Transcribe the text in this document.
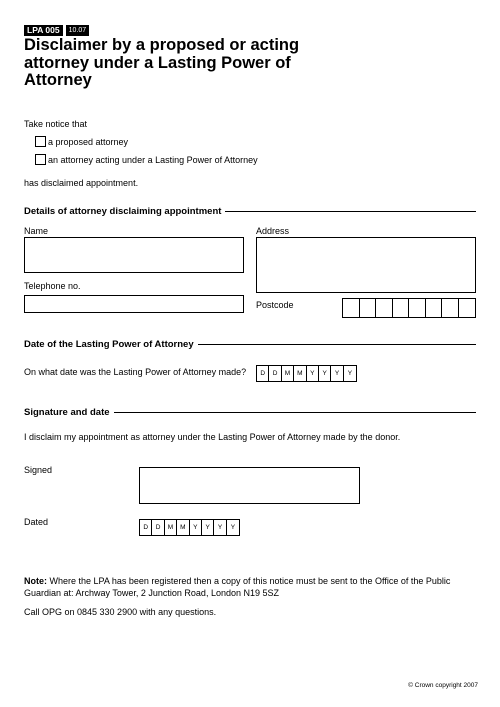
LPA 005	10.07
Disclaimer by a proposed or acting attorney under a Lasting Power of Attorney
Take notice that
a proposed attorney
an attorney acting under a Lasting Power of Attorney
has disclaimed appointment.
Details of attorney disclaiming appointment
Name	Address
Telephone no.
Postcode
Date of the Lasting Power of Attorney
On what date was the Lasting Power of Attorney made?	D	D	M	M	Y	Y	Y	Y
Signature and date
I disclaim my appointment as attorney under the Lasting Power of Attorney made by the donor.
Signed
Dated
D	D	M	M	Y	Y	Y	Y
Note: Where the LPA has been registered then a copy of this notice must be sent to the Office of the Public Guardian at: Archway Tower, 2 Junction Road, London N19 5SZ
Call OPG on 0845 330 2900 with any questions.
© Crown copyright 2007
